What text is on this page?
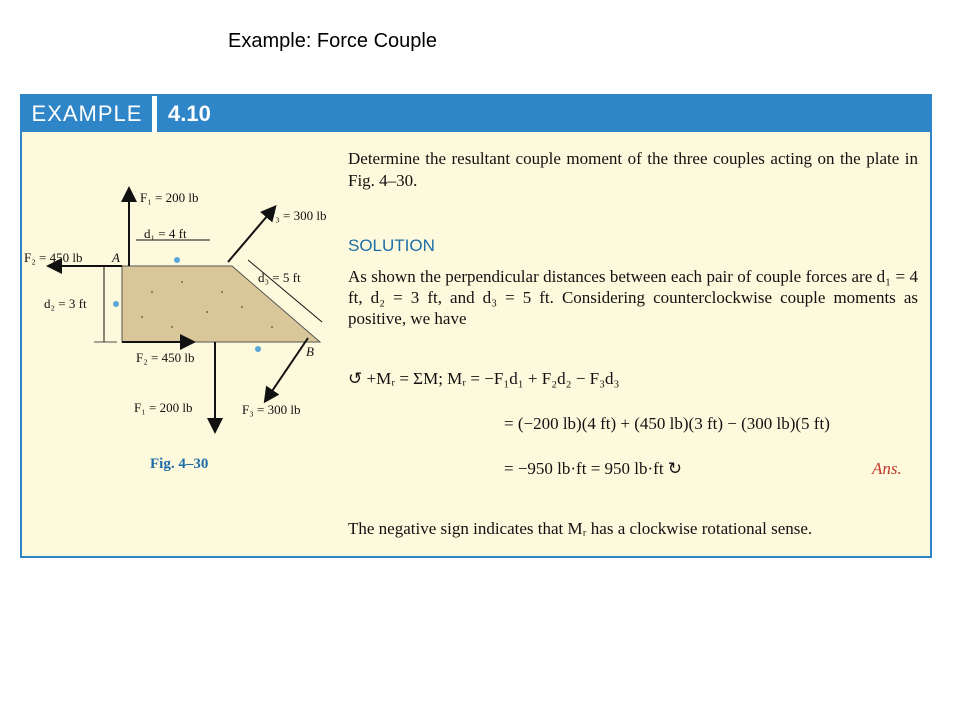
Example: Force Couple
EXAMPLE	4.10
F₁ = 200 lb
F₁ = 200 lb
F₂ = 450 lb
F₂ = 450 lb
F₃ = 300 lb
F₃ = 300 lb
d₁ = 4 ft
d₂ = 3 ft
d₃ = 5 ft
A
B
Fig. 4–30
Determine the resultant couple moment of the three couples acting on the plate in Fig. 4–30.
SOLUTION
As shown the perpendicular distances between each pair of couple forces are d₁ = 4 ft, d₂ = 3 ft, and d₃ = 5 ft. Considering counterclockwise couple moments as positive, we have
↺ +Mᵣ = ΣM; Mᵣ = −F₁d₁ + F₂d₂ − F₃d₃
= (−200 lb)(4 ft) + (450 lb)(3 ft) − (300 lb)(5 ft)
= −950 lb·ft = 950 lb·ft ↻	Ans.
The negative sign indicates that Mᵣ has a clockwise rotational sense.
